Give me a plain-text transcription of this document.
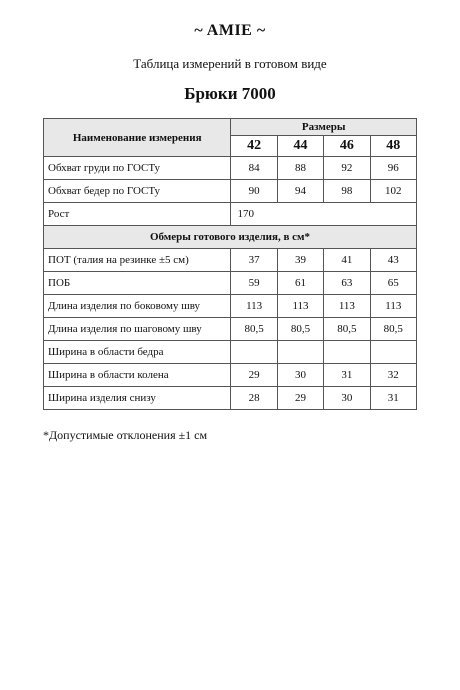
~ AMIE ~
Таблица измерений в готовом виде
Брюки 7000
Наименование измерения	Размеры			
	42	44	46	48
Обхват груди по ГОСТу	84	88	92	96
Обхват бедер по ГОСТу	90	94	98	102
Рост	170			
Обмеры готового изделия, в см*				
ПОТ (талия на резинке ±5 см)	37	39	41	43
ПОБ	59	61	63	65
Длина изделия по боковому шву	113	113	113	113
Длина изделия по шаговому шву	80,5	80,5	80,5	80,5
Ширина в области бедра				
Ширина в области колена	29	30	31	32
Ширина изделия снизу	28	29	30	31
*Допустимые отклонения ±1 см
